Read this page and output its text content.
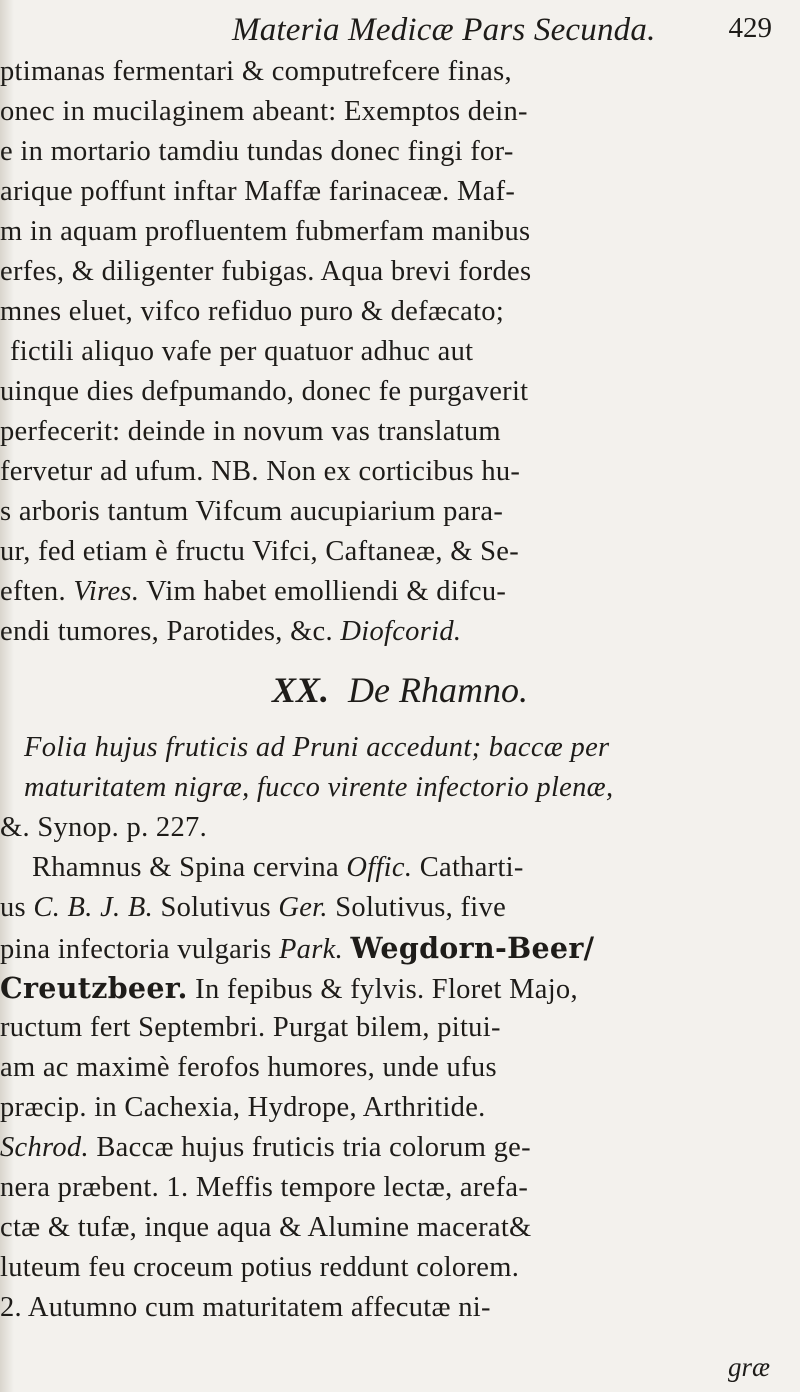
Materia Medicæ Pars Secunda.	429
ptimanas fermentari & computrefcere finas,
onec in mucilaginem abeant: Exemptos dein-
e in mortario tamdiu tundas donec fingi for-
arique poffunt inftar Maffæ farinaceæ. Maf-
m in aquam profluentem fubmerfam manibus
erfes, & diligenter fubigas. Aqua brevi fordes
mnes eluet, vifco refiduo puro & defæcato;
fictili aliquo vafe per quatuor adhuc aut
uinque dies defpumando, donec fe purgaverit
perfecerit: deinde in novum vas translatum
fervetur ad ufum. NB. Non ex corticibus hu-
s arboris tantum Vifcum aucupiarium para-
ur, fed etiam è fructu Vifci, Caftaneæ, & Se-
eften. Vires. Vim habet emolliendi & difcu-
endi tumores, Parotides, &c. Diofcorid.
XX. De Rhamno.
Folia hujus fruticis ad Pruni accedunt; baccæ per
maturitatem nigræ, fucco virente infectorio plenæ,
&. Synop. p. 227.
Rhamnus & Spina cervina Offic. Catharti-
us C. B. J. B. Solutivus Ger. Solutivus, five
pina infectoria vulgaris Park. Wegdorn-Beer/
Creutzbeer. In fepibus & fylvis. Floret Majo,
ructum fert Septembri. Purgat bilem, pitui-
am ac maximè ferofos humores, unde ufus
præcip. in Cachexia, Hydrope, Arthritide.
Schrod. Baccæ hujus fruticis tria colorum ge-
nera præbent. 1. Meffis tempore lectæ, arefa-
ctæ & tufæ, inque aqua & Alumine macerat&
luteum feu croceum potius reddunt colorem.
2. Autumno cum maturitatem affecutæ ni-
græ
